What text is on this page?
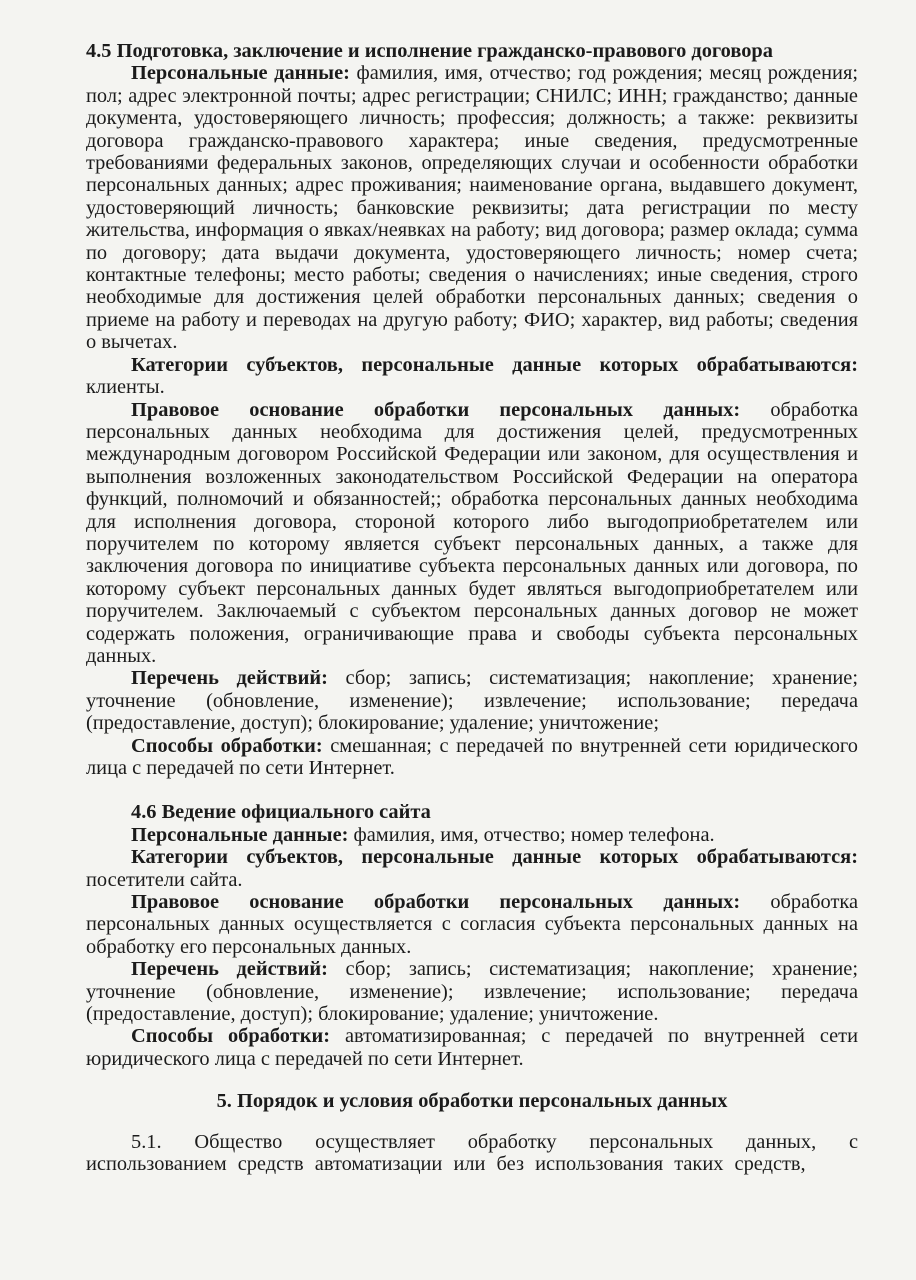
4.5 Подготовка, заключение и исполнение гражданско-правового договора

Персональные данные: фамилия, имя, отчество; год рождения; месяц рождения; пол; адрес электронной почты; адрес регистрации; СНИЛС; ИНН; гражданство; данные документа, удостоверяющего личность; профессия; должность; а также: реквизиты договора гражданско-правового характера; иные сведения, предусмотренные требованиями федеральных законов, определяющих случаи и особенности обработки персональных данных; адрес проживания; наименование органа, выдавшего документ, удостоверяющий личность; банковские реквизиты; дата регистрации по месту жительства, информация о явках/неявках на работу; вид договора; размер оклада; сумма по договору; дата выдачи документа, удостоверяющего личность; номер счета; контактные телефоны; место работы; сведения о начислениях; иные сведения, строго необходимые для достижения целей обработки персональных данных; сведения о приеме на работу и переводах на другую работу; ФИО; характер, вид работы; сведения о вычетах.

Категории субъектов, персональные данные которых обрабатываются: клиенты.

Правовое основание обработки персональных данных: обработка персональных данных необходима для достижения целей, предусмотренных международным договором Российской Федерации или законом, для осуществления и выполнения возложенных законодательством Российской Федерации на оператора функций, полномочий и обязанностей;; обработка персональных данных необходима для исполнения договора, стороной которого либо выгодоприобретателем или поручителем по которому является субъект персональных данных, а также для заключения договора по инициативе субъекта персональных данных или договора, по которому субъект персональных данных будет являться выгодоприобретателем или поручителем. Заключаемый с субъектом персональных данных договор не может содержать положения, ограничивающие права и свободы субъекта персональных данных.

Перечень действий: сбор; запись; систематизация; накопление; хранение; уточнение (обновление, изменение); извлечение; использование; передача (предоставление, доступ); блокирование; удаление; уничтожение;

Способы обработки: смешанная; с передачей по внутренней сети юридического лица с передачей по сети Интернет.

4.6 Ведение официального сайта

Персональные данные: фамилия, имя, отчество; номер телефона.

Категории субъектов, персональные данные которых обрабатываются: посетители сайта.

Правовое основание обработки персональных данных: обработка персональных данных осуществляется с согласия субъекта персональных данных на обработку его персональных данных.

Перечень действий: сбор; запись; систематизация; накопление; хранение; уточнение (обновление, изменение); извлечение; использование; передача (предоставление, доступ); блокирование; удаление; уничтожение.

Способы обработки: автоматизированная; с передачей по внутренней сети юридического лица с передачей по сети Интернет.

5. Порядок и условия обработки персональных данных

5.1. Общество осуществляет обработку персональных данных, с использованием средств автоматизации или без использования таких средств,
